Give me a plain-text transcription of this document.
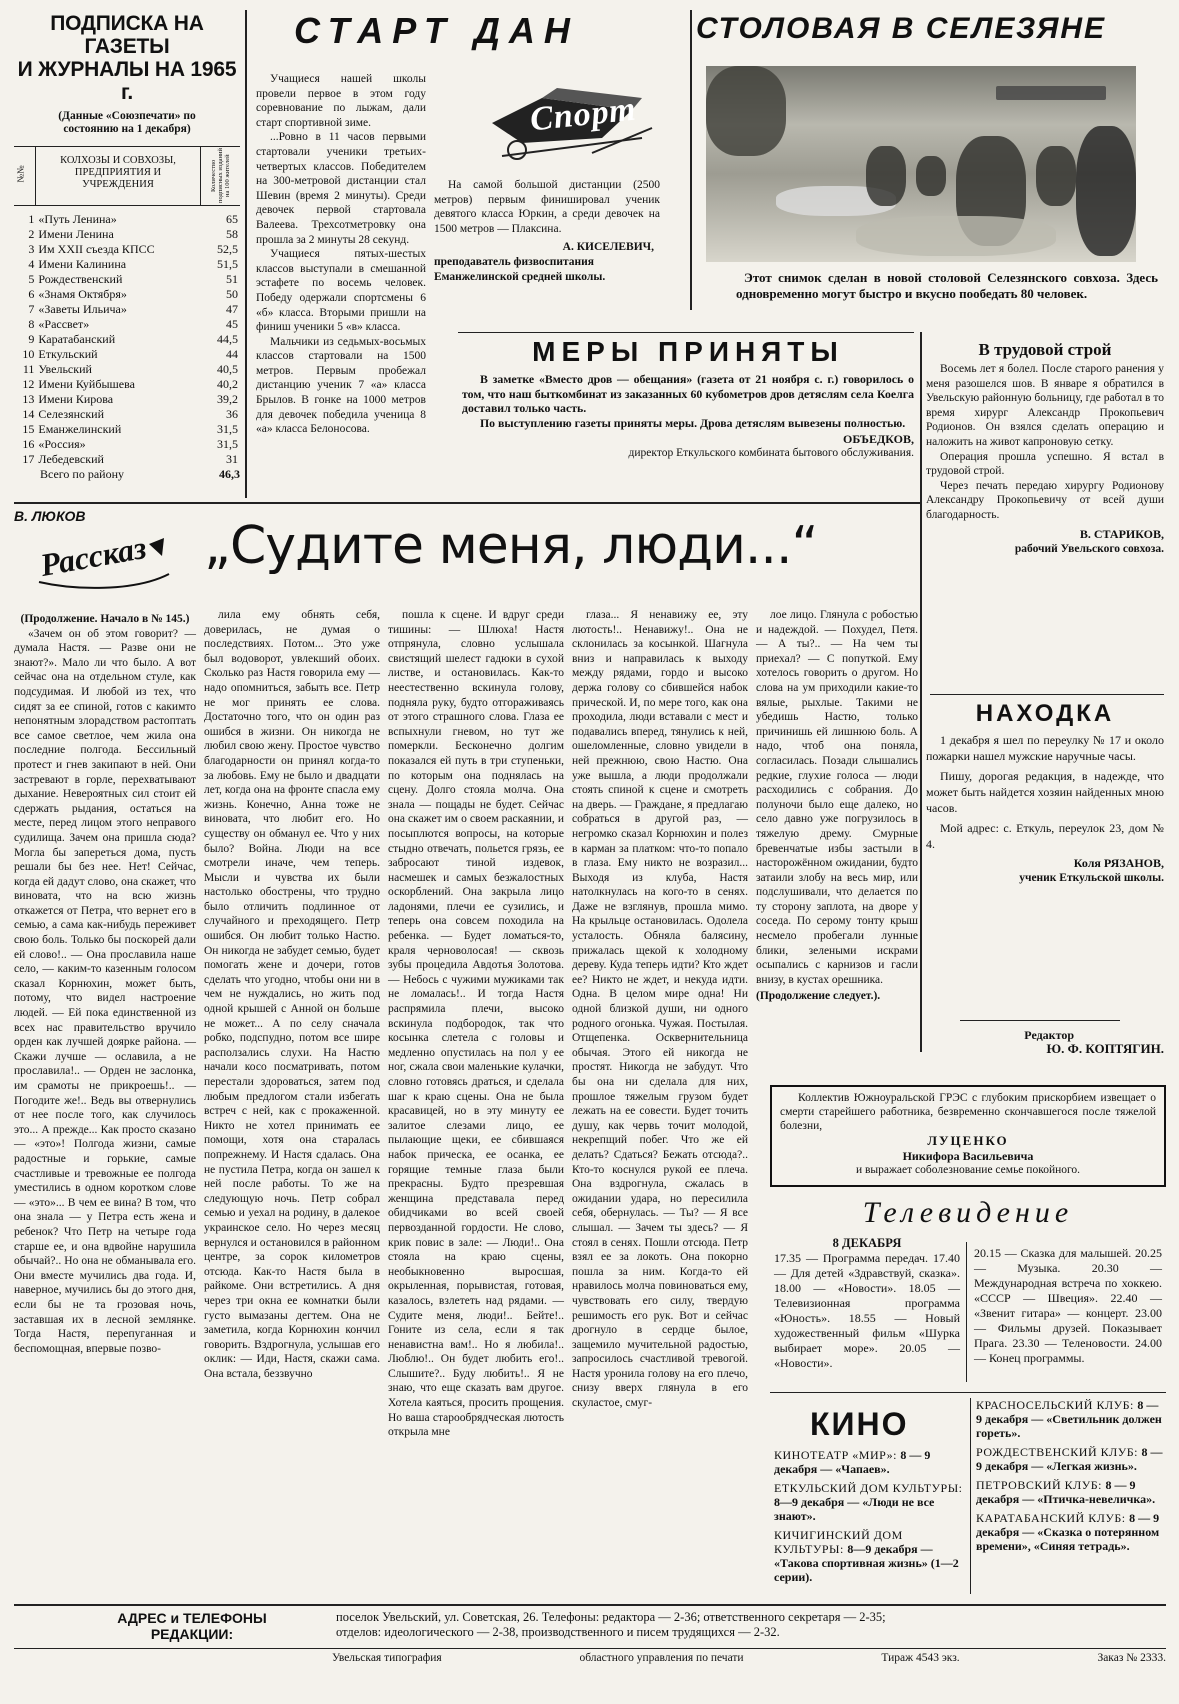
ПОДПИСКА НА ГАЗЕТЫ
И ЖУРНАЛЫ НА 1965 г.
(Данные «Союзпечати» по
состоянию на 1 декабря)
№№
КОЛХОЗЫ И СОВХОЗЫ,
ПРЕДПРИЯТИЯ И
УЧРЕЖДЕНИЯ	Количество подписных изданий на 100 жителей
1	«Путь Ленина»	65
2	Имени Ленина	58
3	Им XXII съезда КПСС	52,5
4	Имени Калинина	51,5
5	Рождественский	51
6	«Знамя Октября»	50
7	«Заветы Ильича»	47
8	«Рассвет»	45
9	Каратабанский	44,5
10	Еткульский	44
11	Увельский	40,5
12	Имени Куйбышева	40,2
13	Имени Кирова	39,2
14	Селезянский	36
15	Еманжелинский	31,5
16	«Россия»	31,5
17	Лебедевский	31
Всего по району	46,3
СТАРТ ДАН

Учащиеся нашей школы провели первое в этом году соревнование по лыжам, дали старт спортивной зиме.

...Ровно в 11 часов первыми стартовали ученики третьих-четвертых классов. Победителем на 300-метровой дистанции стал Шевин (время 2 минуты). Среди девочек первой стартовала Валеева. Трехсотметровку она прошла за 2 минуты 28 секунд.

Учащиеся пятых-шестых классов выступали в смешанной эстафете по восемь человек. Победу одержали спортсмены 6 «б» класса. Вторыми пришли на финиш ученики 5 «в» класса.

Мальчики из седьмых-восьмых классов стартовали на 1500 метров. Первым пробежал дистанцию ученик 7 «а» класса Брылов. В гонке на 1000 метров для девочек победила ученица 8 «а» класса Белоносова.

Спорт

На самой большой дистанции (2500 метров) первым финишировал ученик девятого класса Юркин, а среди девочек на 1500 метров — Плаксина.

А. КИСЕЛЕВИЧ,

преподаватель физвоспитания Еманжелинской средней школы.

СТОЛОВАЯ В СЕЛЕЗЯНЕ
Этот снимок сделан в новой столовой Селезянского совхоза. Здесь одновременно могут быстро и вкусно пообедать 80 человек.
МЕРЫ ПРИНЯТЫ

В заметке «Вместо дров — обещания» (газета от 21 ноября с. г.) говорилось о том, что наш быткомбинат из заказанных 60 кубометров дров детяслям села Коелга доставил только часть.

По выступлению газеты приняты меры. Дрова детяслям вывезены полностью.

ОБЪЕДКОВ,

директор Еткульского комбината бытового обслуживания.

В трудовой строй

Восемь лет я болел. После старого ранения у меня разошелся шов. В январе я обратился в Увельскую районную больницу, где работал в то время хирург Александр Прокопьевич Родионов. Он взялся сделать операцию и наложить на живот капроновую сетку.

Операция прошла успешно. Я встал в трудовой строй.

Через печать передаю хирургу Родионову Александру Прокопьевичу от всей души благодарность.

В. СТАРИКОВ,

рабочий Увельского совхоза.

НАХОДКА

1 декабря я шел по переулку № 17 и около пожарки нашел мужские наручные часы.

Пишу, дорогая редакция, в надежде, что может быть найдется хозяин найденных мною часов.

Мой адрес: с. Еткуль, переулок 23, дом № 4.

Коля РЯЗАНОВ,

ученик Еткульской школы.

Редактор
Ю. Ф. КОПТЯГИН.
В. ЛЮКОВ
Рассказ „Судите меня, люди...“

(Продолжение. Начало в № 145.)

«Зачем он об этом говорит? — думала Настя. — Разве они не знают?». Мало ли что было. А вот сейчас она на отдельном стуле, как подсудимая. И любой из тех, что сидят за ее спиной, готов с какимто непонятным злорадством растоптать все самое светлое, чем жила она последние полгода. Бессильный протест и гнев закипают в ней. Они застревают в горле, перехватывают дыхание. Невероятных сил стоит ей сдержать рыдания, остаться на месте, перед лицом этого неправого судилища. Зачем она пришла сюда? Могла бы запереться дома, пусть решали бы без нее. Нет! Сейчас, когда ей дадут слово, она скажет, что виновата, что на всю жизнь откажется от Петра, что вернет его в семью, а сама как-нибудь переживет свою боль. Только бы поскорей дали ей слово!.. — Она прославила наше село, — каким-то казенным голосом сказал Корнюхин, может быть, потому, что видел настроение людей. — Ей пока единственной из всех нас правительство вручило орден как лучшей доярке района. — Скажи лучше — ославила, а не прославила!.. — Орден не заслонка, им срамоты не прикроешь!.. — Погодите же!.. Ведь вы отвернулись от нее после того, как случилось это... А прежде... Как просто сказано — «это»! Полгода жизни, самые радостные и горькие, самые счастливые и тревожные ее полгода уместились в одном коротком слове — «это»... В чем ее вина? В том, что она знала — у Петра есть жена и ребенок? Что Петр на четыре года старше ее, и она вдвойне нарушила обычай?.. Но она не обманывала его. Они вместе мучились два года. И, наверное, мучились бы до этого дня, если бы не та грозовая ночь, заставшая их в лесной землянке. Тогда Настя, перепуганная и беспомощная, впервые позво-

лила ему обнять себя, доверилась, не думая о последствиях. Потом... Это уже был водоворот, увлекший обоих. Сколько раз Настя говорила ему — надо опомниться, забыть все. Петр не мог принять ее слова. Достаточно того, что он один раз ошибся в жизни. Он никогда не любил свою жену. Простое чувство благодарности он принял когда-то за любовь. Ему не было и двадцати лет, когда она на фронте спасла ему жизнь. Конечно, Анна тоже не виновата, что любит его. Но существу он обманул ее. Что у них было? Война. Люди на все смотрели иначе, чем теперь. Мысли и чувства их были настолько обострены, что трудно было отличить подлинное от случайного и преходящего. Петр ошибся. Он любит только Настю. Он никогда не забудет семью, будет помогать жене и дочери, готов сделать что угодно, чтобы они ни в чем не нуждались, но жить под одной крышей с Анной он больше не может... А по селу сначала робко, подспудно, потом все шире расползались слухи. На Настю начали косо посматривать, потом перестали здороваться, затем под любым предлогом стали избегать встреч с ней, как с прокаженной. Никто не хотел принимать ее помощи, хотя она старалась попрежнему. И Настя сдалась. Она не пустила Петра, когда он зашел к ней после работы. То же на следующую ночь. Петр собрал семью и уехал на родину, в далекое украинское село. Но через месяц вернулся и остановился в районном центре, за сорок километров отсюда. Как-то Настя была в райкоме. Они встретились. А дня через три окна ее комнатки были густо вымазаны дегтем. Она не заметила, когда Корнюхин кончил говорить. Вздрогнула, услышав его оклик: — Иди, Настя, скажи сама. Она встала, беззвучно

пошла к сцене. И вдруг среди тишины: — Шлюха! Настя отпрянула, словно услышала свистящий шелест гадюки в сухой листве, и остановилась. Как-то неестественно вскинула голову, подняла руку, будто отгораживаясь от этого страшного слова. Глаза ее вспыхнули гневом, но тут же померкли. Бесконечно долгим показался ей путь в три ступеньки, по которым она поднялась на сцену. Долго стояла молча. Она знала — пощады не будет. Сейчас она скажет им о своем раскаянии, и посыплются вопросы, на которые стыдно отвечать, польется грязь, ее забросают тиной издевок, насмешек и самых безжалостных оскорблений. Она закрыла лицо ладонями, плечи ее сузились, и теперь она совсем походила на ребенка. — Будет ломаться-то, краля черноволосая! — сквозь зубы процедила Авдотья Золотова. — Небось с чужими мужиками так не ломалась!.. И тогда Настя распрямила плечи, высоко вскинула подбородок, так что косынка слетела с головы и медленно опустилась на пол у ее ног, сжала свои маленькие кулачки, словно готовясь драться, и сделала шаг к краю сцены. Она не была красавицей, но в эту минуту ее залитое слезами лицо, ее пылающие щеки, ее сбившаяся набок прическа, ее осанка, ее горящие темные глаза были прекрасны. Будто презревшая женщина представала перед обидчиками во всей своей первозданной гордости. Не слово, крик повис в зале: — Люди!.. Она стояла на краю сцены, необыкновенно выросшая, окрыленная, порывистая, готовая, казалось, взлететь над рядами. — Судите меня, люди!.. Бейте!.. Гоните из села, если я так ненавистна вам!.. Но я любила!.. Люблю!.. Он будет любить его!.. Слышите?.. Буду любить!.. Я не знаю, что еще сказать вам другое. Хотела каяться, просить прощения. Но ваша старообрядческая лютость открыла мне

глаза... Я ненавижу ее, эту лютость!.. Ненавижу!.. Она не склонилась за косынкой. Шагнула вниз и направилась к выходу между рядами, гордо и высоко держа голову со сбившейся набок прической. И, по мере того, как она проходила, люди вставали с мест и подавались вперед, тянулись к ней, ошеломленные, словно увидели в ней прежнюю, свою Настю. Она уже вышла, а люди продолжали стоять спиной к сцене и смотреть на дверь. — Граждане, я предлагаю собраться в другой раз, — негромко сказал Корнюхин и полез в карман за платком: что-то попало в глаза. Ему никто не возразил... Выходя из клуба, Настя натолкнулась на кого-то в сенях. Даже не взглянув, прошла мимо. На крыльце остановилась. Одолела усталость. Обняла балясину, прижалась щекой к холодному дереву. Куда теперь идти? Кто ждет ее? Никто не ждет, и некуда идти. Одна. В целом мире одна! Ни одной близкой души, ни одного родного огонька. Чужая. Постылая. Отщепенка. Осквернительница обычая. Этого ей никогда не простят. Никогда не забудут. Что бы она ни сделала для них, прошлое тяжелым грузом будет лежать на ее совести. Будет точить душу, как червь точит молодой, некрепщий побег. Что же ей делать? Сдаться? Бежать отсюда?.. Кто-то коснулся рукой ее плеча. Она вздрогнула, сжалась в ожидании удара, но пересилила себя, обернулась. — Ты? — Я все слышал. — Зачем ты здесь? — Я стоял в сенях. Пошли отсюда. Петр взял ее за локоть. Она покорно пошла за ним. Когда-то ей нравилось молча повиноваться ему, чувствовать его силу, твердую решимость его рук. Вот и сейчас дрогнуло в сердце былое, защемило мучительной радостью, запросилось счастливой тревогой. Настя уронила голову на его плечо, снизу вверх глянула в его скуластое, смуг-

лое лицо. Глянула с робостью и надеждой. — Похудел, Петя. — А ты?.. — На чем ты приехал? — С попуткой. Ему хотелось говорить о другом. Но слова на ум приходили какие-то вялые, рыхлые. Такими не убедишь Настю, только причинишь ей лишнюю боль. А надо, чтоб она поняла, согласилась. Позади слышались редкие, глухие голоса — люди расходились с собрания. До полуночи было еще далеко, но село давно уже погрузилось в тяжелую дрему. Смурные бревенчатые избы застыли в насторожённом ожидании, будто затаили злобу на весь мир, или подслушивали, что делается по ту сторону заплота, на дворе у соседа. По серому тонту крыш несмело пробегали лунные блики, зелеными искрами осыпались с карнизов и гасли внизу, в кустах орешника.

(Продолжение следует.).

Коллектив Южноуральской ГРЭС с глубоким прискорбием извещает о смерти старейшего работника, безвременно скончавшегося после тяжелой болезни,

ЛУЦЕНКО

Никифора Васильевича

и выражает соболезнование семье покойного.

Телевидение

8 ДЕКАБРЯ

17.35 — Программа передач. 17.40 — Для детей «Здравствуй, сказка». 18.00 — «Новости». 18.05 — Телевизионная программа «Юность». 18.55 — Новый художественный фильм «Шурка выбирает море». 20.05 — «Новости».

20.15 — Сказка для малышей. 20.25 — Музыка. 20.30 — Международная встреча по хоккею. «СССР — Швеция». 22.40 — «Звенит гитара» — концерт. 23.00 — Фильмы друзей. Показывает Прага. 23.30 — Теленовости. 24.00 — Конец программы.

КИНО
КИНОТЕАТР «МИР»: 8 — 9 декабря — «Чапаев».
ЕТКУЛЬСКИЙ ДОМ КУЛЬТУРЫ: 8—9 декабря — «Люди не все знают».
КИЧИГИНСКИЙ ДОМ КУЛЬТУРЫ: 8—9 декабря — «Такова спортивная жизнь» (1—2 серии).
КРАСНОСЕЛЬСКИЙ КЛУБ: 8 — 9 декабря — «Светильник должен гореть».
РОЖДЕСТВЕНСКИЙ КЛУБ: 8 — 9 декабря — «Легкая жизнь».
ПЕТРОВСКИЙ КЛУБ: 8 — 9 декабря — «Птичка-невеличка».
КАРАТАБАНСКИЙ КЛУБ: 8 — 9 декабря — «Сказка о потерянном времени», «Синяя тетрадь».
АДРЕС и ТЕЛЕФОНЫ
РЕДАКЦИИ:
поселок Увельский, ул. Советская, 26. Телефоны: редактора — 2-36; ответственного секретаря — 2-35;
отделов: идеологического — 2-38, производственного и писем трудящихся — 2-32.
Увельская типография	областного управления по печати	Тираж 4543 экз.	Заказ № 2333.
